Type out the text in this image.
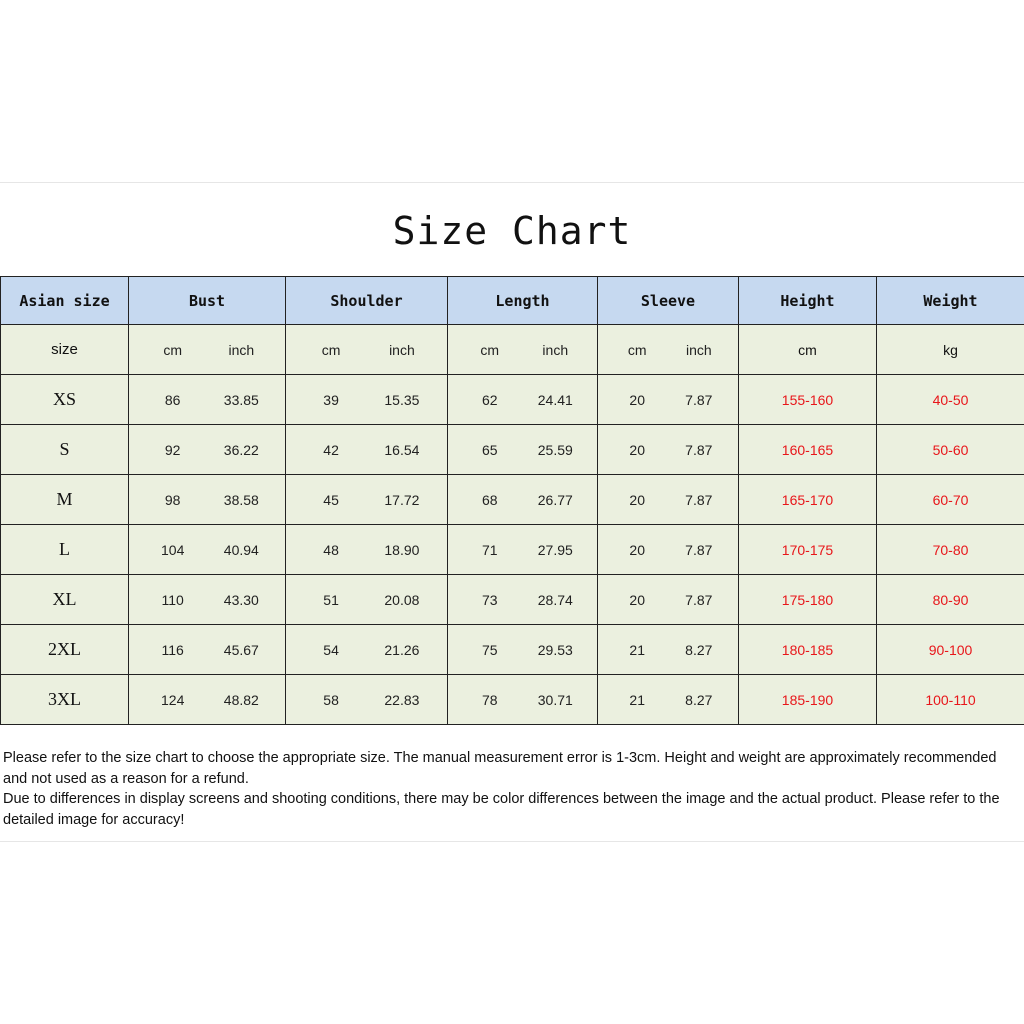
Size Chart
Asian size	Bust	Shoulder	Length	Sleeve	Height	Weight
size	cm inch	cm inch	cm inch	cm inch	cm	kg
XS	86 33.85	39 15.35	62 24.41	20 7.87	155-160	40-50
S	92 36.22	42 16.54	65 25.59	20 7.87	160-165	50-60
M	98 38.58	45 17.72	68 26.77	20 7.87	165-170	60-70
L	104 40.94	48 18.90	71 27.95	20 7.87	170-175	70-80
XL	110 43.30	51 20.08	73 28.74	20 7.87	175-180	80-90
2XL	116 45.67	54 21.26	75 29.53	21 8.27	180-185	90-100
3XL	124 48.82	58 22.83	78 30.71	21 8.27	185-190	100-110

Please refer to the size chart to choose the appropriate size. The manual measurement error is 1-3cm. Height and weight are approximately recommended and not used as a reason for a refund.

Due to differences in display screens and shooting conditions, there may be color differences between the image and the actual product. Please refer to the detailed image for accuracy!
